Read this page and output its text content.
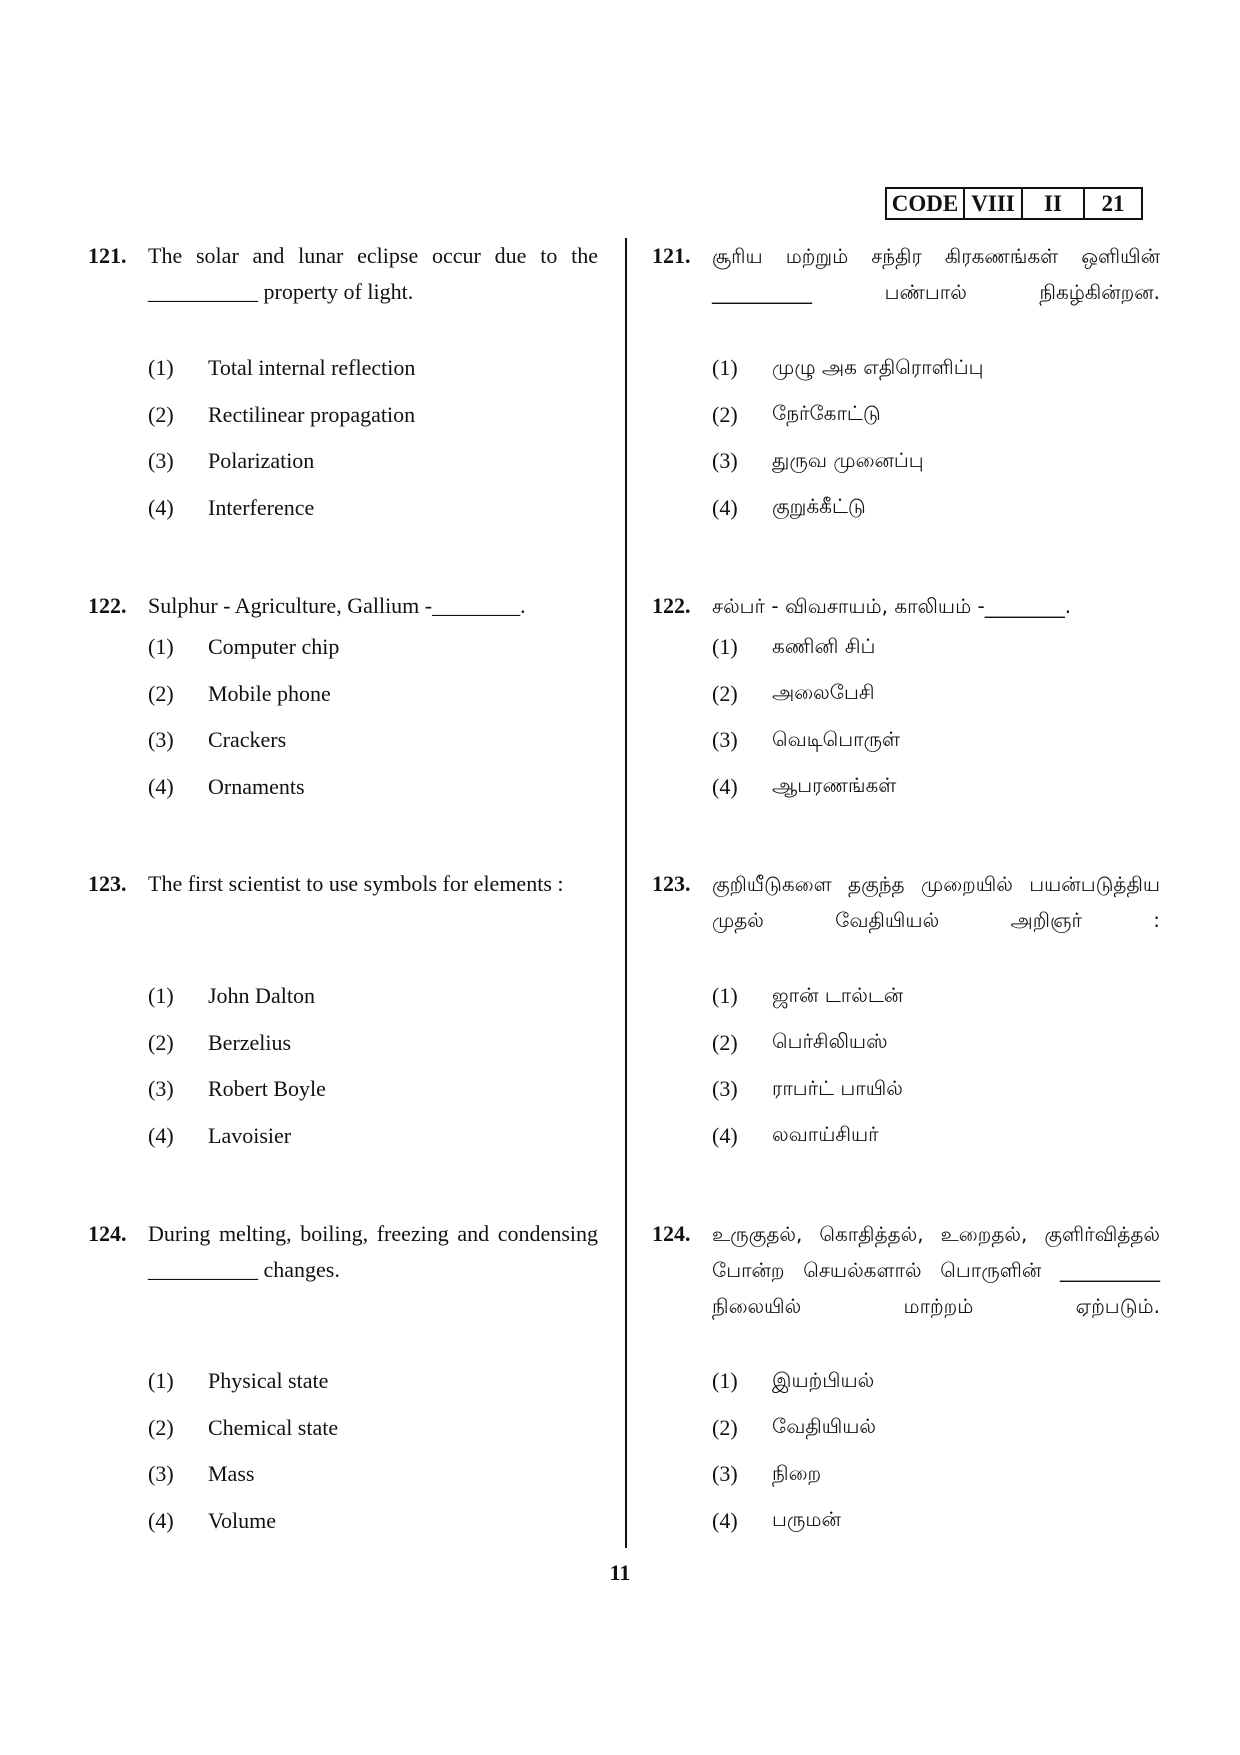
CODE VIII	II	21
121. The solar and lunar eclipse occur due to the __________ property of light.
(1)	Total internal reflection
(2)	Rectilinear propagation
(3)	Polarization
(4)	Interference
121. சூரிய மற்றும் சந்திர கிரகணங்கள் ஒளியின் __________ பண்பால் நிகழ்கின்றன.
(1)	முழு அக எதிரொளிப்பு
(2)	நேர்கோட்டு
(3)	துருவ முனைப்பு
(4)	குறுக்கீட்டு
122. Sulphur - Agriculture, Gallium -________.
(1)	Computer chip
(2)	Mobile phone
(3)	Crackers
(4)	Ornaments
122. சல்பர் - விவசாயம், காலியம் -________.
(1)	கணினி சிப்
(2)	அலைபேசி
(3)	வெடிபொருள்
(4)	ஆபரணங்கள்
123. The first scientist to use symbols for elements :
(1)	John Dalton
(2)	Berzelius
(3)	Robert Boyle
(4)	Lavoisier
123. குறியீடுகளை தகுந்த முறையில் பயன்படுத்திய முதல் வேதியியல் அறிஞர் :
(1)	ஜான் டால்டன்
(2)	பெர்சிலியஸ்
(3)	ராபர்ட் பாயில்
(4)	லவாய்சியர்
124. During melting, boiling, freezing and condensing __________ changes.
(1)	Physical state
(2)	Chemical state
(3)	Mass
(4)	Volume
124. உருகுதல், கொதித்தல், உறைதல், குளிர்வித்தல் போன்ற செயல்களால் பொருளின் __________ நிலையில் மாற்றம் ஏற்படும்.
(1)	இயற்பியல்
(2)	வேதியியல்
(3)	நிறை
(4)	பருமன்
11
